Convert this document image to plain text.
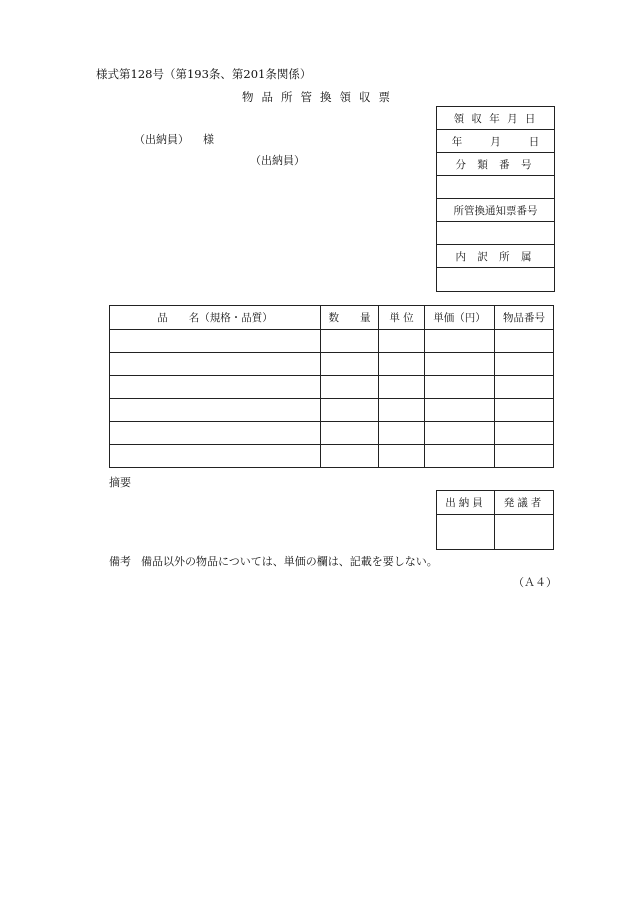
様式第128号（第193条、第201条関係）
物品所管換領収票
（出納員） 様
（出納員）
領 収 年 月 日
年	月	日
分 類 番 号
所管換通知票番号
内 訳 所 属
品　　名（規格・品質）	数　　量	単 位	単価（円）	物品番号

摘要
出納員	発議者

備考 備品以外の物品については、単価の欄は、記載を要しない。
（Ａ４）
